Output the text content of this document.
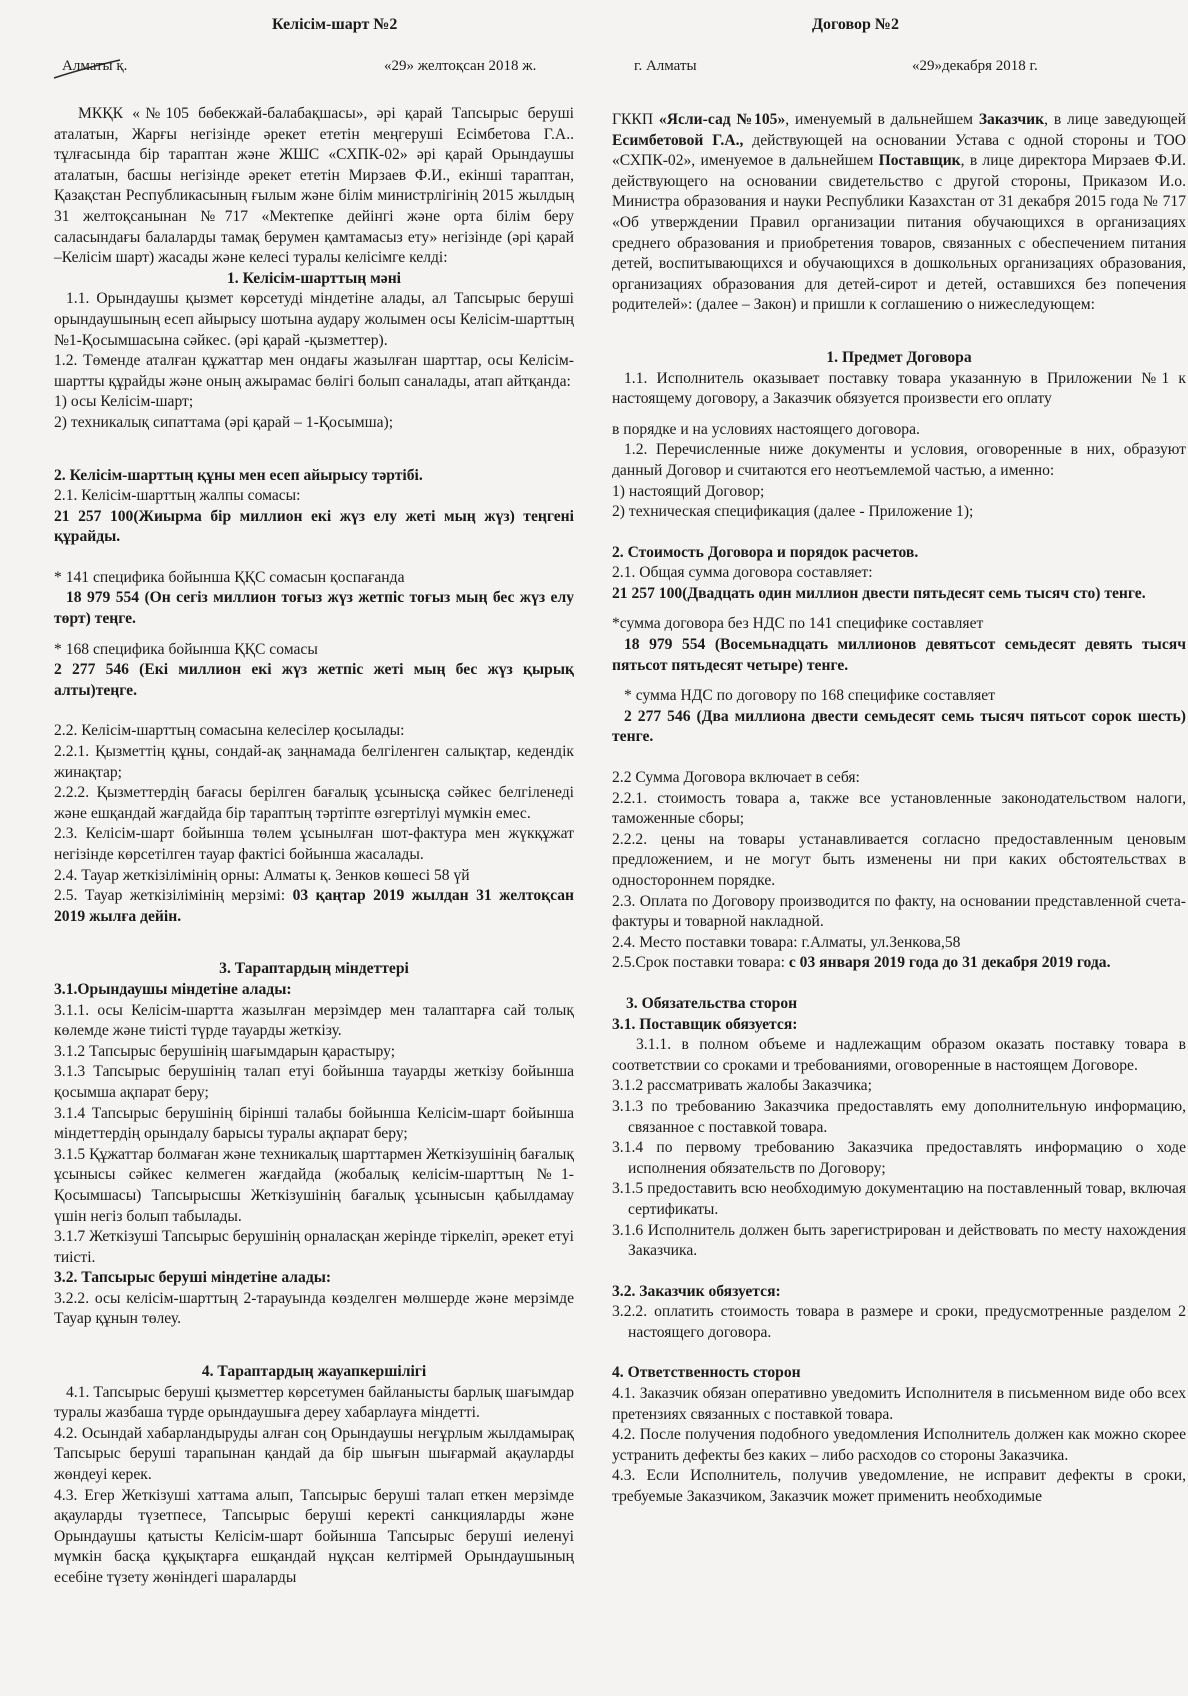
Келісім-шарт №2
Алматы қ.	«29» желтоқсан 2018 ж.

МКҚК «№105 бөбекжай-балабақшасы», әрі қарай Тапсырыс беруші аталатын, Жарғы негізінде әрекет ететін меңгеруші Есімбетова Г.А.. тұлғасында бір тараптан және ЖШС «СХПК-02» әрі қарай Орындаушы аталатын, басшы негізінде әрекет ететін Мирзаев Ф.И., екінші тараптан, Қазақстан Республикасының ғылым және білім министрлігінің 2015 жылдың 31 желтоқсанынан №717 «Мектепке дейінгі және орта білім беру саласындағы балаларды тамақ берумен қамтамасыз ету» негізінде (әрі қарай –Келісім шарт) жасады және келесі туралы келісімге келді:

1. Келісім-шарттың мәні

1.1. Орындаушы қызмет көрсетуді міндетіне алады, ал Тапсырыс беруші орындаушының есеп айырысу шотына аудару жолымен осы Келісім-шарттың №1-Қосымшасына сәйкес. (әрі қарай -қызметтер).

1.2. Төменде аталған құжаттар мен ондағы жазылған шарттар, осы Келісім-шартты құрайды және оның ажырамас бөлігі болып саналады, атап айтқанда:

1) осы Келісім-шарт;

2) техникалық сипаттама (әрі қарай – 1-Қосымша);

2. Келісім-шарттың құны мен есеп айырысу тәртібі.

2.1. Келісім-шарттың жалпы сомасы:

21 257 100(Жиырма бір миллион екі жүз елу жеті мың жүз) теңгені құрайды.

* 141 специфика бойынша ҚҚС сомасын қоспағанда

18 979 554 (Он сегіз миллион тоғыз жүз жетпіс тоғыз мың бес жүз елу төрт) теңге.

* 168 специфика бойынша ҚҚС сомасы

2 277 546 (Екі миллион екі жүз жетпіс жеті мың бес жүз қырық алты)теңге.

2.2. Келісім-шарттың сомасына келесілер қосылады:

2.2.1. Қызметтің құны, сондай-ақ заңнамада белгіленген салықтар, кедендік жинақтар;

2.2.2. Қызметтердің бағасы берілген бағалық ұсынысқа сәйкес белгіленеді және ешқандай жағдайда бір тараптың тәртіпте өзгертілуі мүмкін емес.

2.3. Келісім-шарт бойынша төлем ұсынылған шот-фактура мен жүкқұжат негізінде көрсетілген тауар фактісі бойынша жасалады.

2.4. Тауар жеткізілімінің орны: Алматы қ. Зенков көшесі 58 үй

2.5. Тауар жеткізілімінің мерзімі: 03 қаңтар 2019 жылдан 31 желтоқсан 2019 жылға дейін.

3. Тараптардың міндеттері

3.1.Орындаушы міндетіне алады:

3.1.1. осы Келісім-шартта жазылған мерзімдер мен талаптарға сай толық көлемде және тиісті түрде тауарды жеткізу.

3.1.2 Тапсырыс берушінің шағымдарын қарастыру;

3.1.3 Тапсырыс берушінің талап етуі бойынша тауарды жеткізу бойынша қосымша ақпарат беру;

3.1.4 Тапсырыс берушінің бірінші талабы бойынша Келісім-шарт бойынша міндеттердің орындалу барысы туралы ақпарат беру;

3.1.5 Құжаттар болмаған және техникалық шарттармен Жеткізушінің бағалық ұсынысы сәйкес келмеген жағдайда (жобалық келісім-шарттың №1-Қосымшасы) Тапсырысшы Жеткізушінің бағалық ұсынысын қабылдамау үшін негіз болып табылады.

3.1.7 Жеткізуші Тапсырыс берушінің орналасқан жерінде тіркеліп, әрекет етуі тиісті.

3.2. Тапсырыс беруші міндетіне алады:

3.2.2. осы келісім-шарттың 2-тарауында көзделген мөлшерде және мерзімде Тауар құнын төлеу.

4. Тараптардың жауапкершілігі

4.1. Тапсырыс беруші қызметтер көрсетумен байланысты барлық шағымдар туралы жазбаша түрде орындаушыға дереу хабарлауға міндетті.

4.2. Осындай хабарландыруды алған соң Орындаушы неғұрлым жылдамырақ Тапсырыс беруші тарапынан қандай да бір шығын шығармай ақауларды жөндеуі керек.

4.3. Егер Жеткізуші хаттама алып, Тапсырыс беруші талап еткен мерзімде ақауларды түзетпесе, Тапсырыс беруші керекті санкцияларды және Орындаушы қатысты Келісім-шарт бойынша Тапсырыс беруші иеленуі мүмкін басқа құқықтарға ешқандай нұқсан келтірмей Орындаушының есебіне түзету жөніндегі шараларды

Договор №2
г. Алматы	«29»декабря 2018 г.

ГККП «Ясли-сад №105», именуемый в дальнейшем Заказчик, в лице заведующей Есимбетовой Г.А., действующей на основании Устава с одной стороны и ТОО «СХПК-02», именуемое в дальнейшем Поставщик, в лице директора Мирзаев Ф.И. действующего на основании свидетельство с другой стороны, Приказом И.о. Министра образования и науки Республики Казахстан от 31 декабря 2015 года № 717 «Об утверждении Правил организации питания обучающихся в организациях среднего образования и приобретения товаров, связанных с обеспечением питания детей, воспитывающихся и обучающихся в дошкольных организациях образования, организациях образования для детей-сирот и детей, оставшихся без попечения родителей»: (далее – Закон) и пришли к соглашению о нижеследующем:

1. Предмет Договора

1.1. Исполнитель оказывает поставку товара указанную в Приложении №1 к настоящему договору, а Заказчик обязуется произвести его оплату

в порядке и на условиях настоящего договора.

1.2. Перечисленные ниже документы и условия, оговоренные в них, образуют данный Договор и считаются его неотъемлемой частью, а именно:

1) настоящий Договор;

2) техническая спецификация (далее - Приложение 1);

2. Стоимость Договора и порядок расчетов.

2.1. Общая сумма договора составляет:

21 257 100(Двадцать один миллион двести пятьдесят семь тысяч сто) тенге.

*сумма договора без НДС по 141 специфике составляет

18 979 554 (Восемьнадцать миллионов девятьсот семьдесят девять тысяч пятьсот пятьдесят четыре) тенге.

* сумма НДС по договору по 168 специфике составляет

2 277 546 (Два миллиона двести семьдесят семь тысяч пятьсот сорок шесть) тенге.

2.2 Сумма Договора включает в себя:

2.2.1. стоимость товара а, также все установленные законодательством налоги, таможенные сборы;

2.2.2. цены на товары устанавливается согласно предоставленным ценовым предложением, и не могут быть изменены ни при каких обстоятельствах в одностороннем порядке.

2.3. Оплата по Договору производится по факту, на основании представленной счета-фактуры и товарной накладной.

2.4. Место поставки товара: г.Алматы, ул.Зенкова,58

2.5.Срок поставки товара: с 03 января 2019 года до 31 декабря 2019 года.

3. Обязательства сторон

3.1. Поставщик обязуется:

3.1.1. в полном объеме и надлежащим образом оказать поставку товара в соответствии со сроками и требованиями, оговоренные в настоящем Договоре.

3.1.2 рассматривать жалобы Заказчика;

3.1.3 по требованию Заказчика предоставлять ему дополнительную информацию, связанное с поставкой товара.

3.1.4 по первому требованию Заказчика предоставлять информацию о ходе исполнения обязательств по Договору;

3.1.5 предоставить всю необходимую документацию на поставленный товар, включая сертификаты.

3.1.6 Исполнитель должен быть зарегистрирован и действовать по месту нахождения Заказчика.

3.2. Заказчик обязуется:

3.2.2. оплатить стоимость товара в размере и сроки, предусмотренные разделом 2 настоящего договора.

4. Ответственность сторон

4.1. Заказчик обязан оперативно уведомить Исполнителя в письменном виде обо всех претензиях связанных с поставкой товара.

4.2. После получения подобного уведомления Исполнитель должен как можно скорее устранить дефекты без каких – либо расходов со стороны Заказчика.

4.3. Если Исполнитель, получив уведомление, не исправит дефекты в сроки, требуемые Заказчиком, Заказчик может применить необходимые
